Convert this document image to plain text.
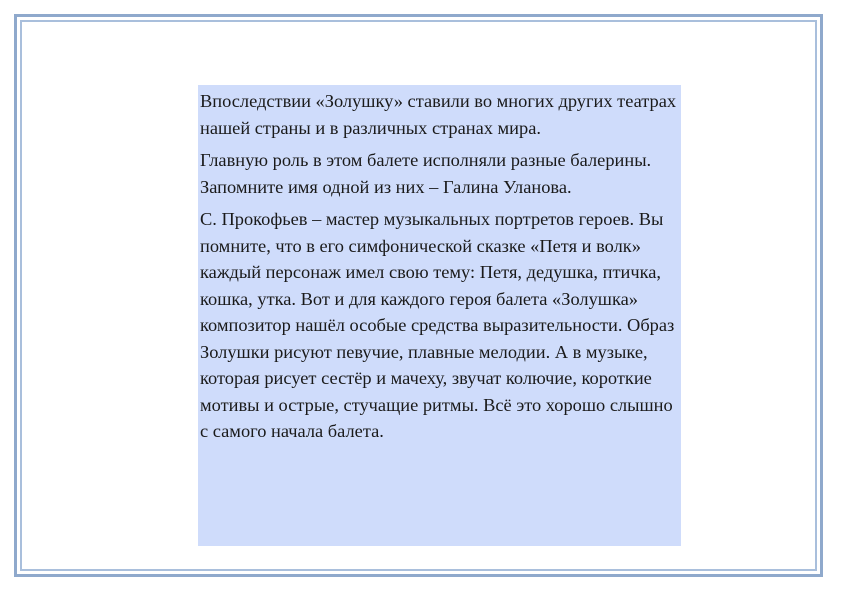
Впоследствии «Золушку» ставили во многих других театрах нашей страны и в различных странах мира.

Главную роль в этом балете исполняли разные балерины. Запомните имя одной из них – Галина Уланова.

С. Прокофьев – мастер музыкальных портретов героев. Вы помните, что в его симфонической сказке «Петя и волк» каждый персонаж имел свою тему: Петя, дедушка, птичка, кошка, утка. Вот и для каждого героя балета «Золушка» композитор нашёл особые средства выразительности. Образ Золушки рисуют певучие, плавные мелодии. А в музыке, которая рисует сестёр и мачеху, звучат колючие, короткие мотивы и острые, стучащие ритмы. Всё это хорошо слышно с самого начала балета.
